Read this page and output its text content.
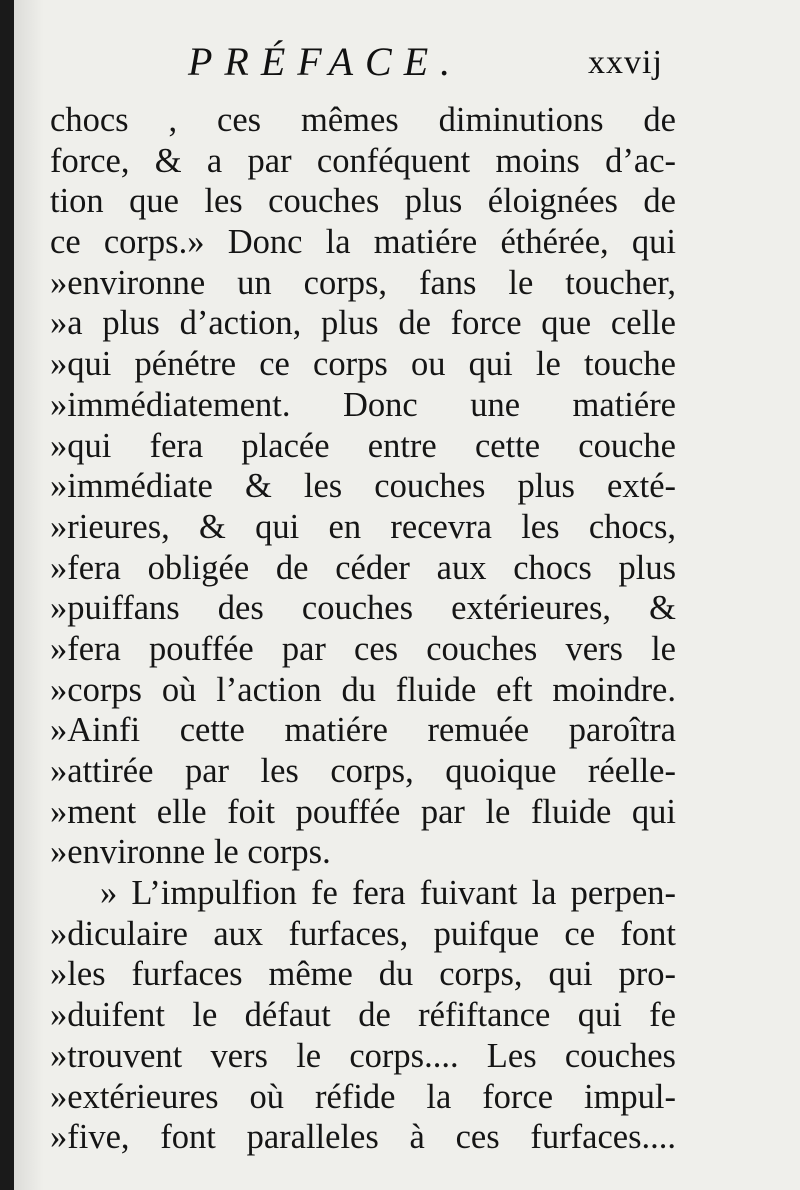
PRÉFACE.	xxvij
chocs , ces mêmes diminutions de
force, & a par conféquent moins d’ac-
tion que les couches plus éloignées de
ce corps.» Donc la matiére éthérée, qui
»environne un corps, fans le toucher,
»a plus d’action, plus de force que celle
»qui pénétre ce corps ou qui le touche
»immédiatement. Donc une matiére
»qui fera placée entre cette couche
»immédiate & les couches plus exté-
»rieures, & qui en recevra les chocs,
»fera obligée de céder aux chocs plus
»puiffans des couches extérieures, &
»fera pouffée par ces couches vers le
»corps où l’action du fluide eft moindre.
»Ainfi cette matiére remuée paroîtra
»attirée par les corps, quoique réelle-
»ment elle foit pouffée par le fluide qui
»environne le corps.
» L’impulfion fe fera fuivant la perpen-
»diculaire aux furfaces, puifque ce font
»les furfaces même du corps, qui pro-
»duifent le défaut de réfiftance qui fe
»trouvent vers le corps.... Les couches
»extérieures où réfide la force impul-
»five, font paralleles à ces furfaces....
